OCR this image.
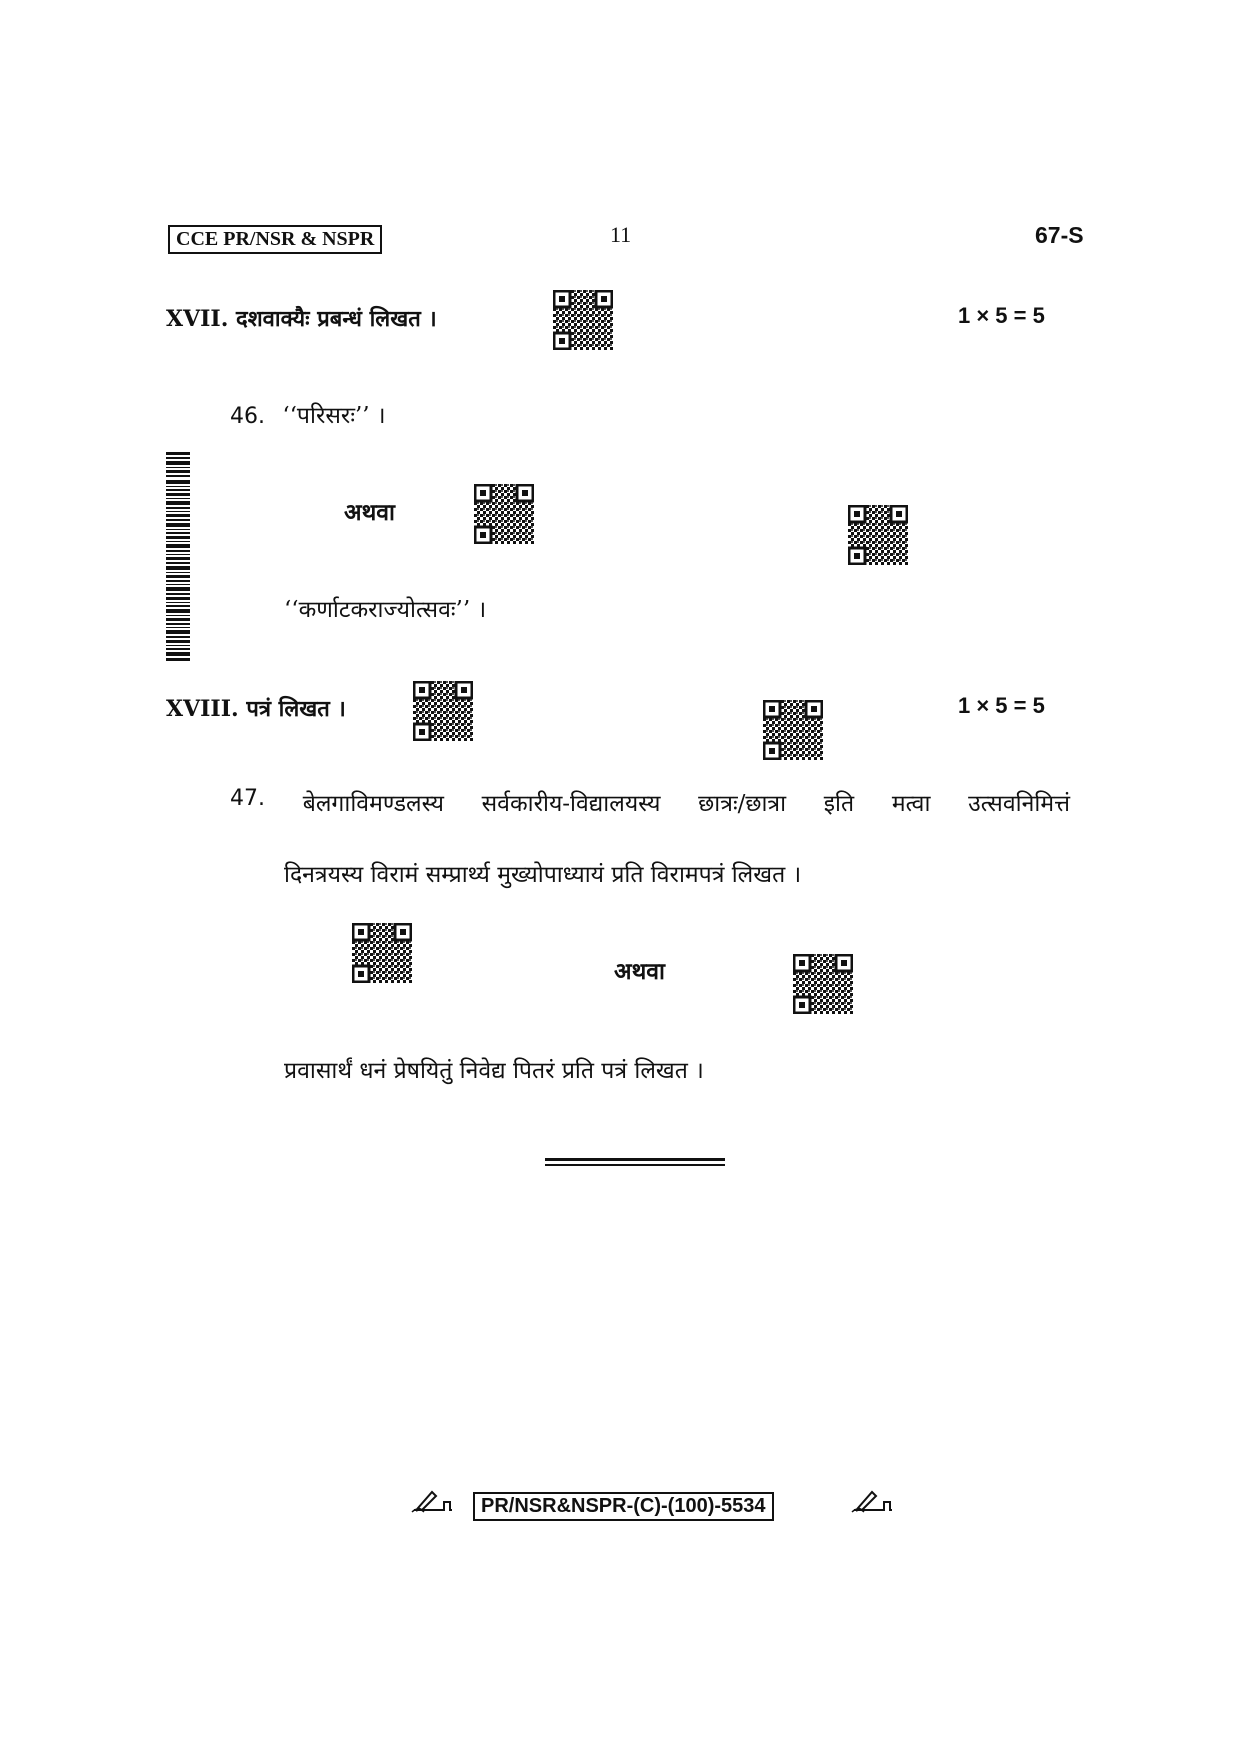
CCE PR/NSR & NSPR	11	67-S
XVII. दशवाक्यैः प्रबन्धं लिखत ।	1 × 5 = 5
46. ‘‘परिसरः’’ ।
अथवा
‘‘कर्णाटकराज्योत्सवः’’ ।
XVIII. पत्रं लिखत ।	1 × 5 = 5
47. बेलगाविमण्डलस्य सर्वकारीय-विद्यालयस्य छात्रः/छात्रा इति मत्वा उत्सवनिमित्तं
दिनत्रयस्य विरामं सम्प्रार्थ्य मुख्योपाध्यायं प्रति विरामपत्रं लिखत ।
अथवा
प्रवासार्थं धनं प्रेषयितुं निवेद्य पितरं प्रति पत्रं लिखत ।
PR/NSR&NSPR-(C)-(100)-5534
